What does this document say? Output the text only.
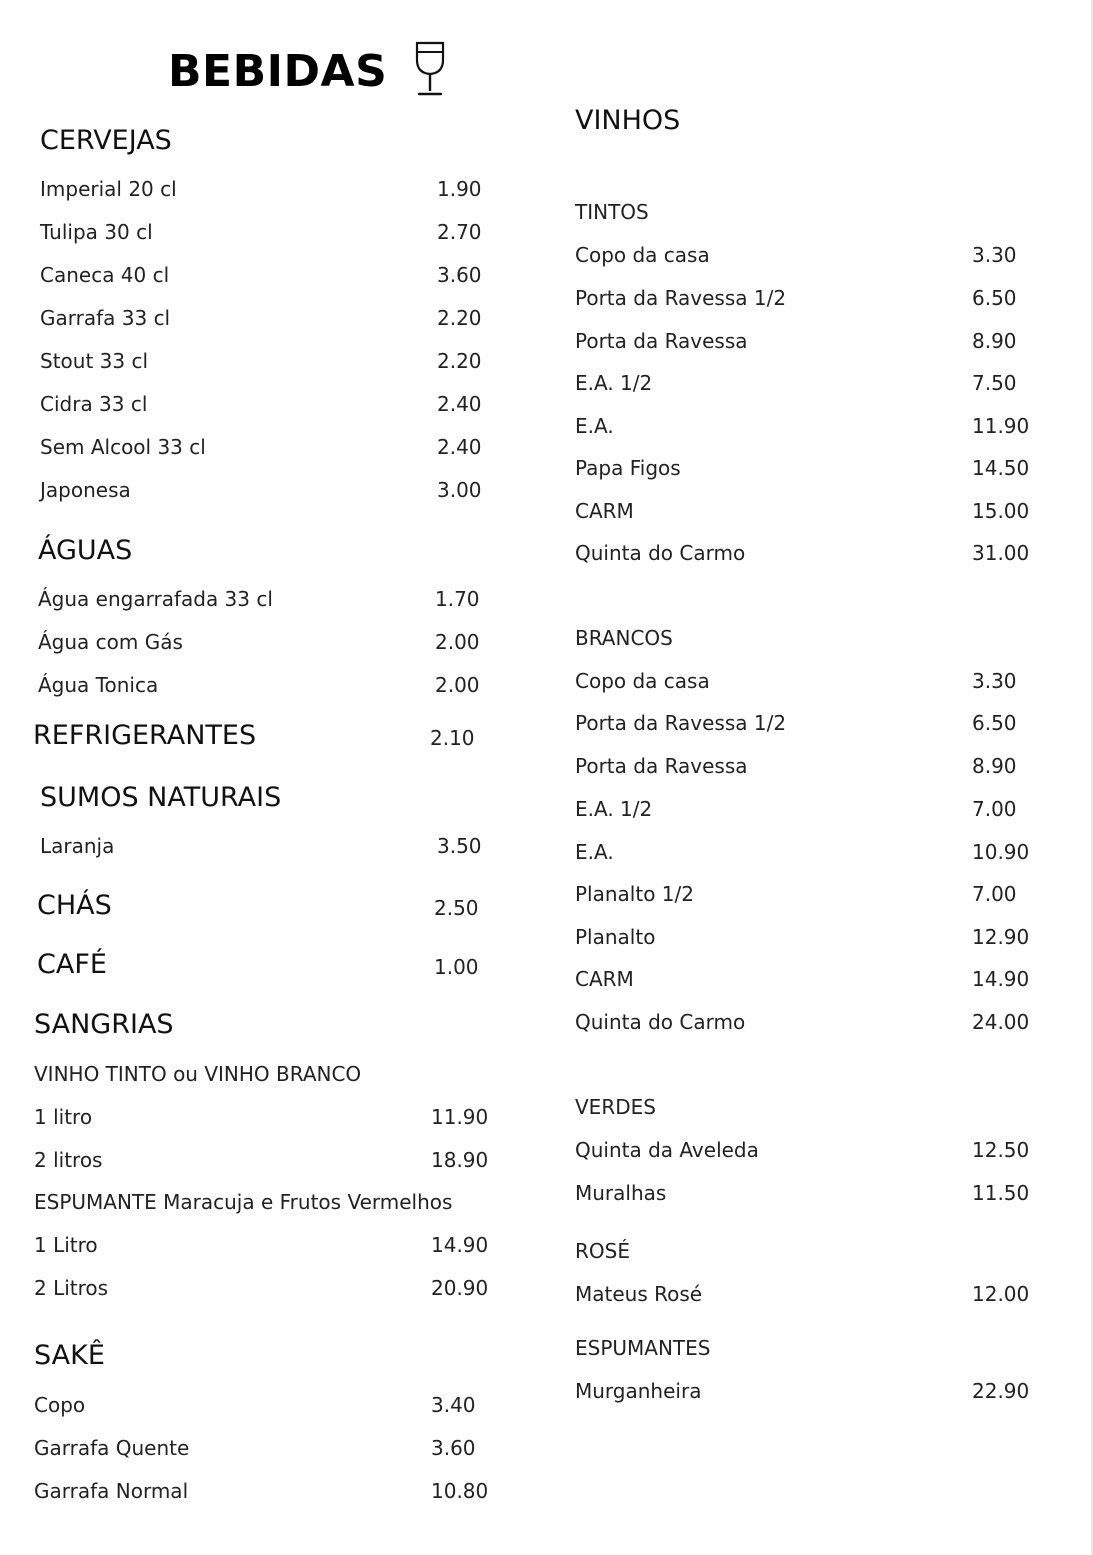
BEBIDAS
CERVEJAS
Imperial 20 cl	1.90
Tulipa 30 cl	2.70
Caneca 40 cl	3.60
Garrafa 33 cl	2.20
Stout 33 cl	2.20
Cidra 33 cl	2.40
Sem Alcool 33 cl	2.40
Japonesa	3.00
ÁGUAS
Água engarrafada 33 cl	1.70
Água com Gás	2.00
Água Tonica	2.00
REFRIGERANTES	2.10
SUMOS NATURAIS
Laranja	3.50
CHÁS	2.50
CAFÉ	1.00
SANGRIAS
VINHO TINTO ou VINHO BRANCO
1 litro	11.90
2 litros	18.90
ESPUMANTE Maracuja e Frutos Vermelhos
1 Litro	14.90
2 Litros	20.90
SAKÊ
Copo	3.40
Garrafa Quente	3.60
Garrafa Normal	10.80
VINHOS
TINTOS
Copo da casa	3.30
Porta da Ravessa 1/2	6.50
Porta da Ravessa	8.90
E.A. 1/2	7.50
E.A.	11.90
Papa Figos	14.50
CARM	15.00
Quinta do Carmo	31.00
BRANCOS
Copo da casa	3.30
Porta da Ravessa 1/2	6.50
Porta da Ravessa	8.90
E.A. 1/2	7.00
E.A.	10.90
Planalto 1/2	7.00
Planalto	12.90
CARM	14.90
Quinta do Carmo	24.00
VERDES
Quinta da Aveleda	12.50
Muralhas	11.50
ROSÉ
Mateus Rosé	12.00
ESPUMANTES
Murganheira	22.90
